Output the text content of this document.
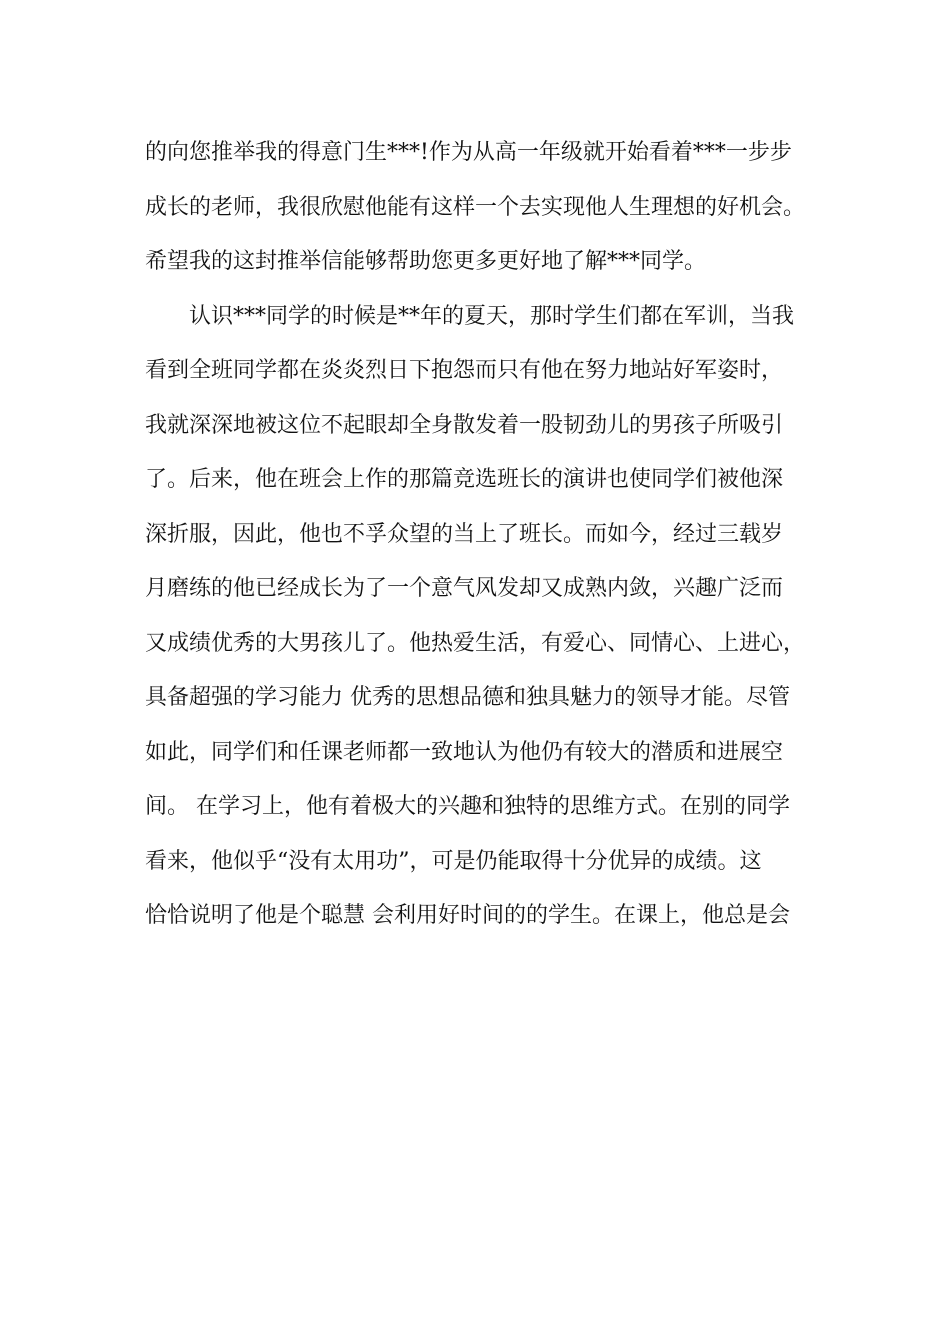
的向您推举我的得意门生***!作为从高一年级就开始看着***一步步
成长的老师，我很欣慰他能有这样一个去实现他人生理想的好机会。
希望我的这封推举信能够帮助您更多更好地了解***同学。
认识***同学的时候是**年的夏天，那时学生们都在军训，当我
看到全班同学都在炎炎烈日下抱怨而只有他在努力地站好军姿时，
我就深深地被这位不起眼却全身散发着一股韧劲儿的男孩子所吸引
了。后来，他在班会上作的那篇竞选班长的演讲也使同学们被他深
深折服，因此，他也不孚众望的当上了班长。而如今，经过三载岁
月磨练的他已经成长为了一个意气风发却又成熟内敛，兴趣广泛而
又成绩优秀的大男孩儿了。他热爱生活，有爱心、同情心、上进心，
具备超强的学习能力 优秀的思想品德和独具魅力的领导才能。尽管
如此，同学们和任课老师都一致地认为他仍有较大的潜质和进展空
间。 在学习上，他有着极大的兴趣和独特的思维方式。在别的同学
看来，他似乎“没有太用功”，可是仍能取得十分优异的成绩。这
恰恰说明了他是个聪慧 会利用好时间的的学生。在课上，他总是会
